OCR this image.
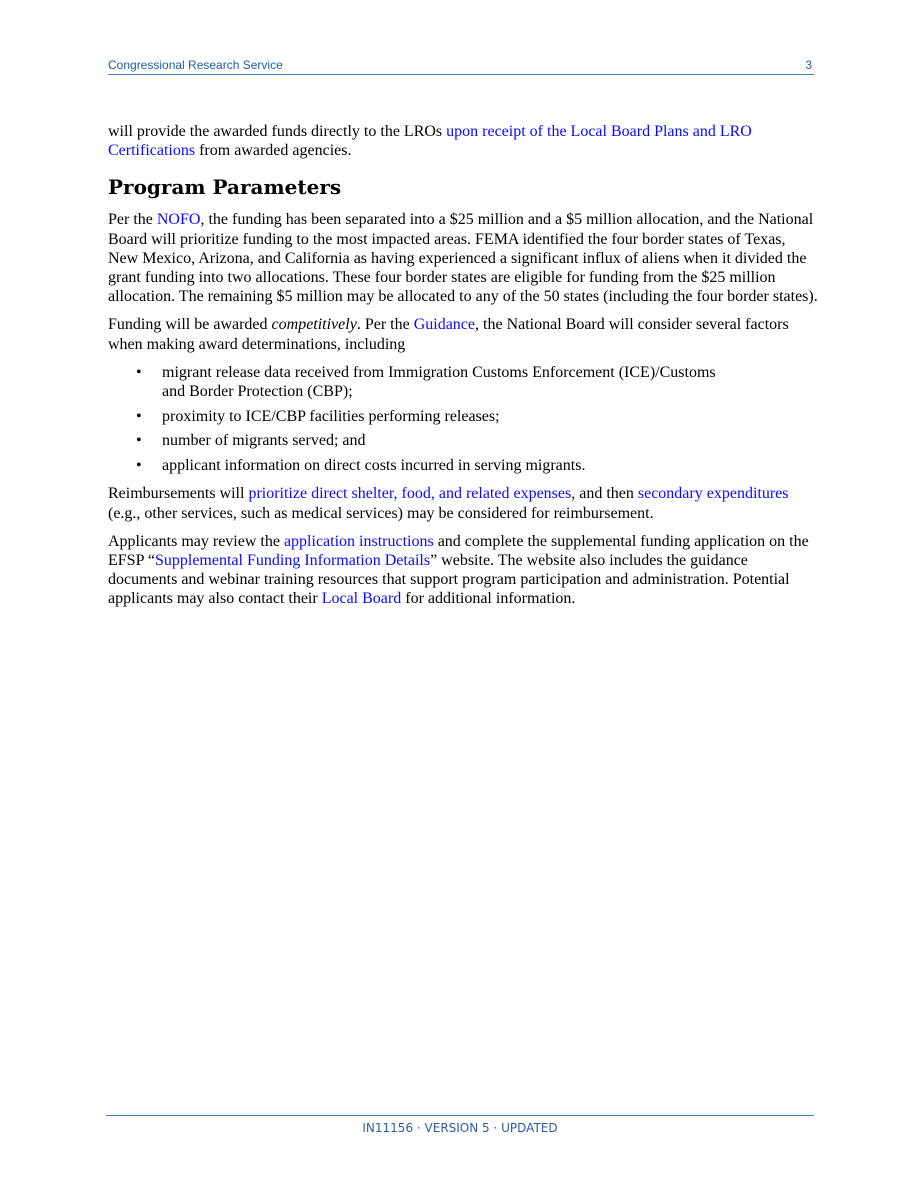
Congressional Research Service	3

will provide the awarded funds directly to the LROs upon receipt of the Local Board Plans and LRO Certifications from awarded agencies.

Program Parameters

Per the NOFO, the funding has been separated into a $25 million and a $5 million allocation, and the National Board will prioritize funding to the most impacted areas. FEMA identified the four border states of Texas, New Mexico, Arizona, and California as having experienced a significant influx of aliens when it divided the grant funding into two allocations. These four border states are eligible for funding from the $25 million allocation. The remaining $5 million may be allocated to any of the 50 states (including the four border states).

Funding will be awarded competitively. Per the Guidance, the National Board will consider several factors when making award determinations, including

• migrant release data received from Immigration Customs Enforcement (ICE)/Customs
and Border Protection (CBP);
• proximity to ICE/CBP facilities performing releases;
• number of migrants served; and
• applicant information on direct costs incurred in serving migrants.

Reimbursements will prioritize direct shelter, food, and related expenses, and then secondary expenditures (e.g., other services, such as medical services) may be considered for reimbursement.

Applicants may review the application instructions and complete the supplemental funding application on the EFSP “Supplemental Funding Information Details” website. The website also includes the guidance documents and webinar training resources that support program participation and administration. Potential applicants may also contact their Local Board for additional information.

IN11156 · VERSION 5 · UPDATED
